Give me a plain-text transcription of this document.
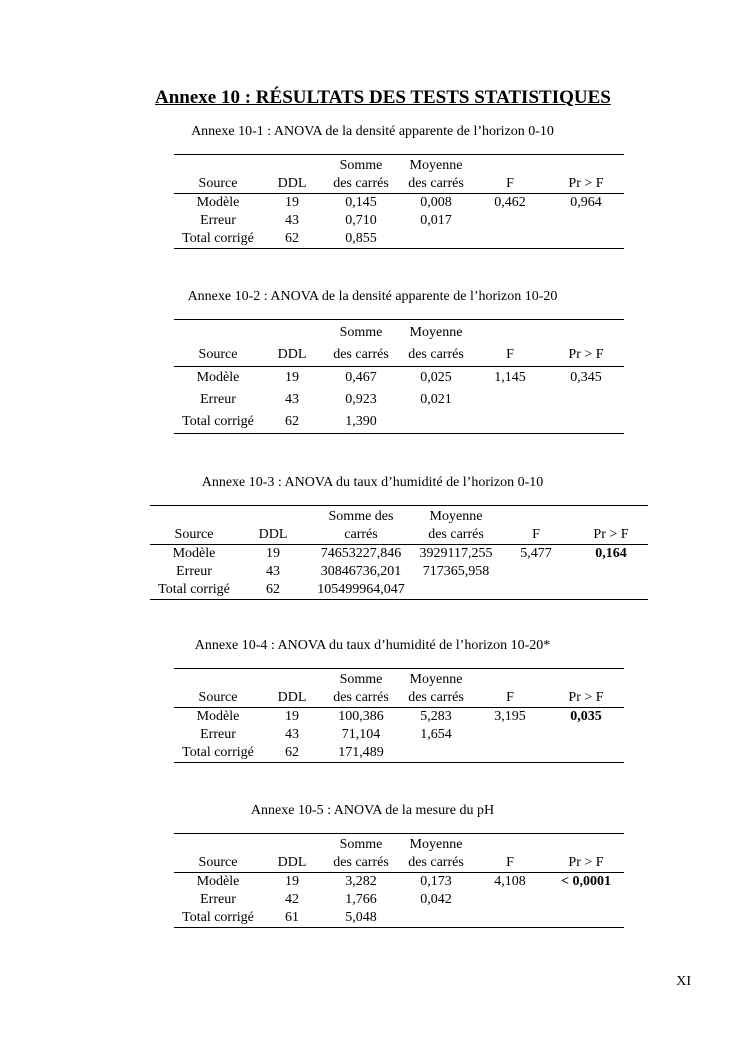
Annexe 10 : RÉSULTATS DES TESTS STATISTIQUES
Annexe 10-1 : ANOVA de la densité apparente de l’horizon 0-10
		Somme	Moyenne		
Source	DDL	des carrés	des carrés	F	Pr > F
Modèle	19	0,145	0,008	0,462	0,964
Erreur	43	0,710	0,017		
Total corrigé	62	0,855			
Annexe 10-2 : ANOVA de la densité apparente de l’horizon 10-20
		Somme	Moyenne		
Source	DDL	des carrés	des carrés	F	Pr > F
Modèle	19	0,467	0,025	1,145	0,345
Erreur	43	0,923	0,021		
Total corrigé	62	1,390			
Annexe 10-3 : ANOVA du taux d’humidité de l’horizon 0-10
		Somme des	Moyenne		
Source	DDL	carrés	des carrés	F	Pr > F
Modèle	19	74653227,846	3929117,255	5,477	0,164
Erreur	43	30846736,201	717365,958		
Total corrigé	62	105499964,047			
Annexe 10-4 : ANOVA du taux d’humidité de l’horizon 10-20*
		Somme	Moyenne		
Source	DDL	des carrés	des carrés	F	Pr > F
Modèle	19	100,386	5,283	3,195	0,035
Erreur	43	71,104	1,654		
Total corrigé	62	171,489			
Annexe 10-5 : ANOVA de la mesure du pH
		Somme	Moyenne		
Source	DDL	des carrés	des carrés	F	Pr > F
Modèle	19	3,282	0,173	4,108	< 0,0001
Erreur	42	1,766	0,042		
Total corrigé	61	5,048			
XI
